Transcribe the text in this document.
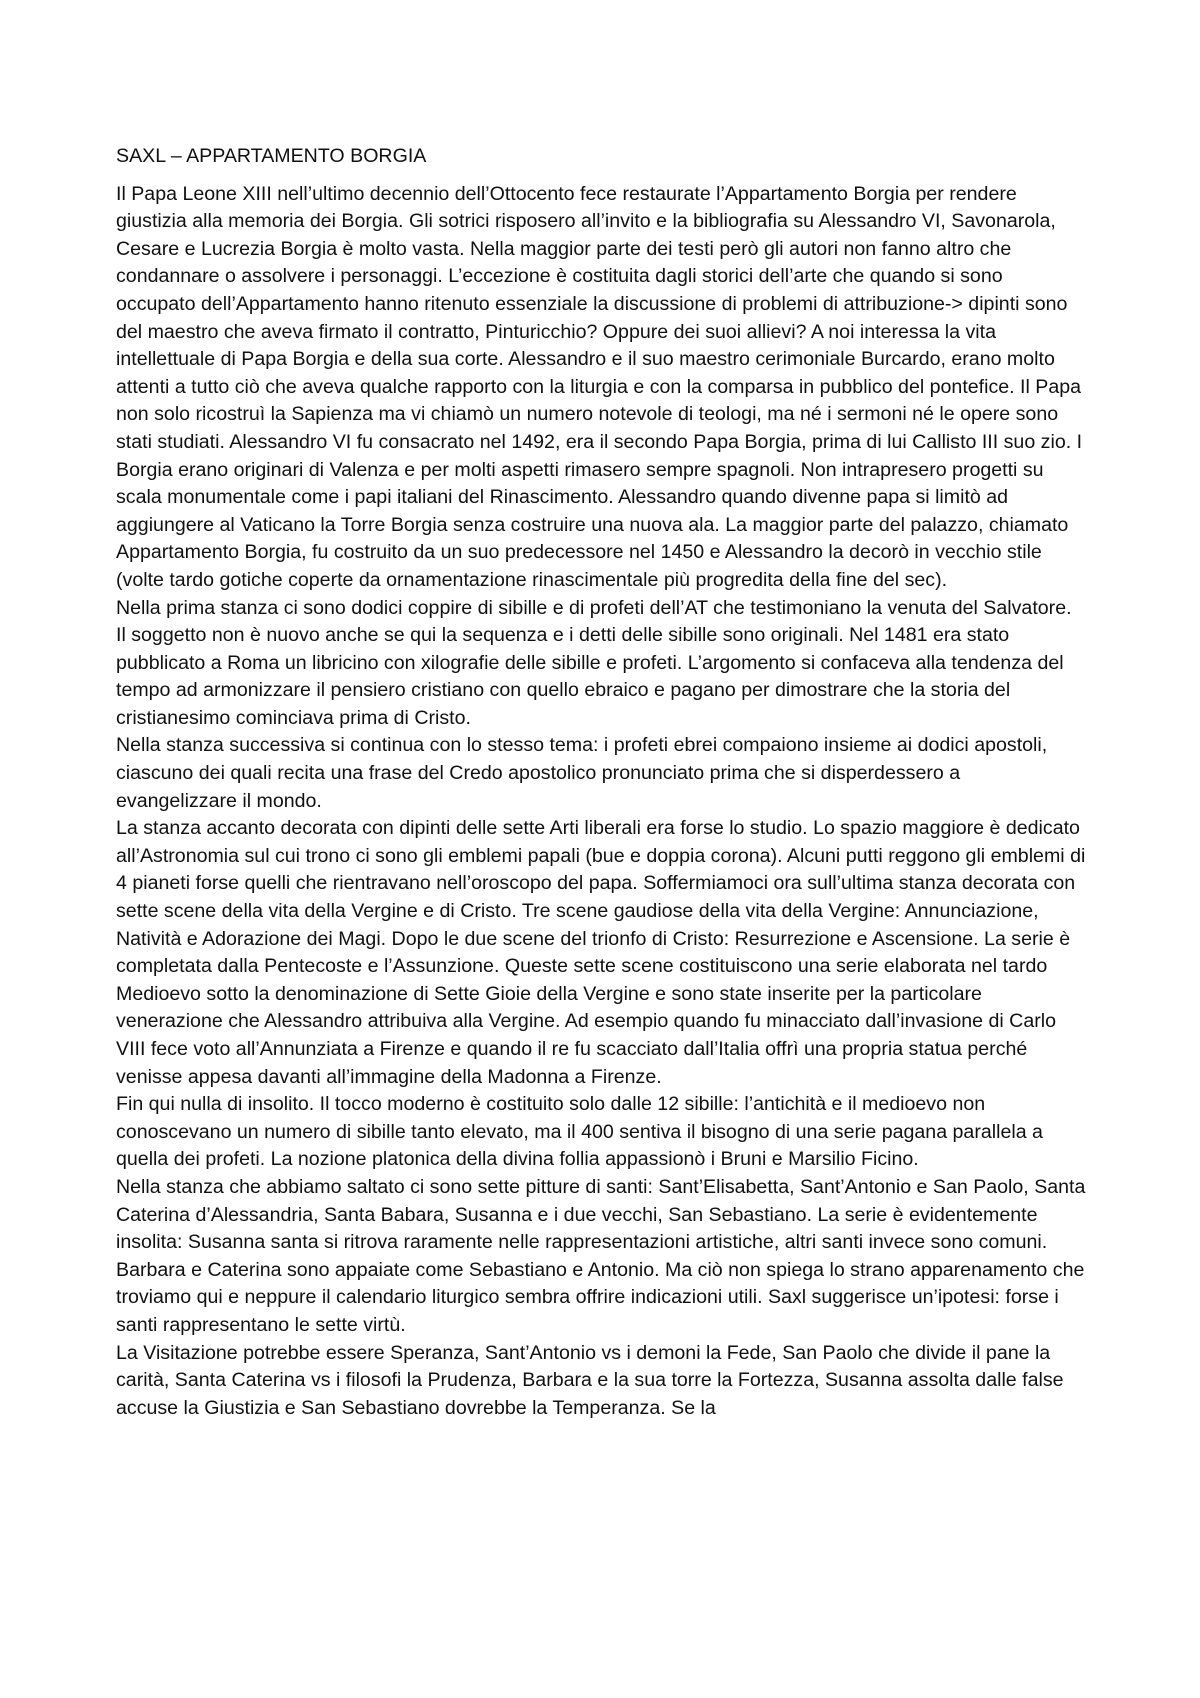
SAXL – APPARTAMENTO BORGIA

Il Papa Leone XIII nell’ultimo decennio dell’Ottocento fece restaurate l’Appartamento Borgia per rendere giustizia alla memoria dei Borgia. Gli sotrici risposero all’invito e la bibliografia su Alessandro VI, Savonarola, Cesare e Lucrezia Borgia è molto vasta. Nella maggior parte dei testi però gli autori non fanno altro che condannare o assolvere i personaggi. L’eccezione è costituita dagli storici dell’arte che quando si sono occupato dell’Appartamento hanno ritenuto essenziale la discussione di problemi di attribuzione-> dipinti sono del maestro che aveva firmato il contratto, Pinturicchio? Oppure dei suoi allievi? A noi interessa la vita intellettuale di Papa Borgia e della sua corte. Alessandro e il suo maestro cerimoniale Burcardo, erano molto attenti a tutto ciò che aveva qualche rapporto con la liturgia e con la comparsa in pubblico del pontefice. Il Papa non solo ricostruì la Sapienza ma vi chiamò un numero notevole di teologi, ma né i sermoni né le opere sono stati studiati. Alessandro VI fu consacrato nel 1492, era il secondo Papa Borgia, prima di lui Callisto III suo zio. I Borgia erano originari di Valenza e per molti aspetti rimasero sempre spagnoli. Non intrapresero progetti su scala monumentale come i papi italiani del Rinascimento. Alessandro quando divenne papa si limitò ad aggiungere al Vaticano la Torre Borgia senza costruire una nuova ala. La maggior parte del palazzo, chiamato Appartamento Borgia, fu costruito da un suo predecessore nel 1450 e Alessandro la decorò in vecchio stile (volte tardo gotiche coperte da ornamentazione rinascimentale più progredita della fine del sec).

Nella prima stanza ci sono dodici coppire di sibille e di profeti dell’AT che testimoniano la venuta del Salvatore. Il soggetto non è nuovo anche se qui la sequenza e i detti delle sibille sono originali. Nel 1481 era stato pubblicato a Roma un libricino con xilografie delle sibille e profeti. L’argomento si confaceva alla tendenza del tempo ad armonizzare il pensiero cristiano con quello ebraico e pagano per dimostrare che la storia del cristianesimo cominciava prima di Cristo.

Nella stanza successiva si continua con lo stesso tema: i profeti ebrei compaiono insieme ai dodici apostoli, ciascuno dei quali recita una frase del Credo apostolico pronunciato prima che si disperdessero a evangelizzare il mondo.

La stanza accanto decorata con dipinti delle sette Arti liberali era forse lo studio. Lo spazio maggiore è dedicato all’Astronomia sul cui trono ci sono gli emblemi papali (bue e doppia corona). Alcuni putti reggono gli emblemi di 4 pianeti forse quelli che rientravano nell’oroscopo del papa. Soffermiamoci ora sull’ultima stanza decorata con sette scene della vita della Vergine e di Cristo. Tre scene gaudiose della vita della Vergine: Annunciazione, Natività e Adorazione dei Magi. Dopo le due scene del trionfo di Cristo: Resurrezione e Ascensione. La serie è completata dalla Pentecoste e l’Assunzione. Queste sette scene costituiscono una serie elaborata nel tardo Medioevo sotto la denominazione di Sette Gioie della Vergine e sono state inserite per la particolare venerazione che Alessandro attribuiva alla Vergine. Ad esempio quando fu minacciato dall’invasione di Carlo VIII fece voto all’Annunziata a Firenze e quando il re fu scacciato dall’Italia offrì una propria statua perché venisse appesa davanti all’immagine della Madonna a Firenze.

Fin qui nulla di insolito. Il tocco moderno è costituito solo dalle 12 sibille: l’antichità e il medioevo non conoscevano un numero di sibille tanto elevato, ma il 400 sentiva il bisogno di una serie pagana parallela a quella dei profeti. La nozione platonica della divina follia appassionò i Bruni e Marsilio Ficino.

Nella stanza che abbiamo saltato ci sono sette pitture di santi: Sant’Elisabetta, Sant’Antonio e San Paolo, Santa Caterina d’Alessandria, Santa Babara, Susanna e i due vecchi, San Sebastiano. La serie è evidentemente insolita: Susanna santa si ritrova raramente nelle rappresentazioni artistiche, altri santi invece sono comuni. Barbara e Caterina sono appaiate come Sebastiano e Antonio. Ma ciò non spiega lo strano apparenamento che troviamo qui e neppure il calendario liturgico sembra offrire indicazioni utili. Saxl suggerisce un’ipotesi: forse i santi rappresentano le sette virtù.

La Visitazione potrebbe essere Speranza, Sant’Antonio vs i demoni la Fede, San Paolo che divide il pane la carità, Santa Caterina vs i filosofi la Prudenza, Barbara e la sua torre la Fortezza, Susanna assolta dalle false accuse la Giustizia e San Sebastiano dovrebbe la Temperanza. Se la
